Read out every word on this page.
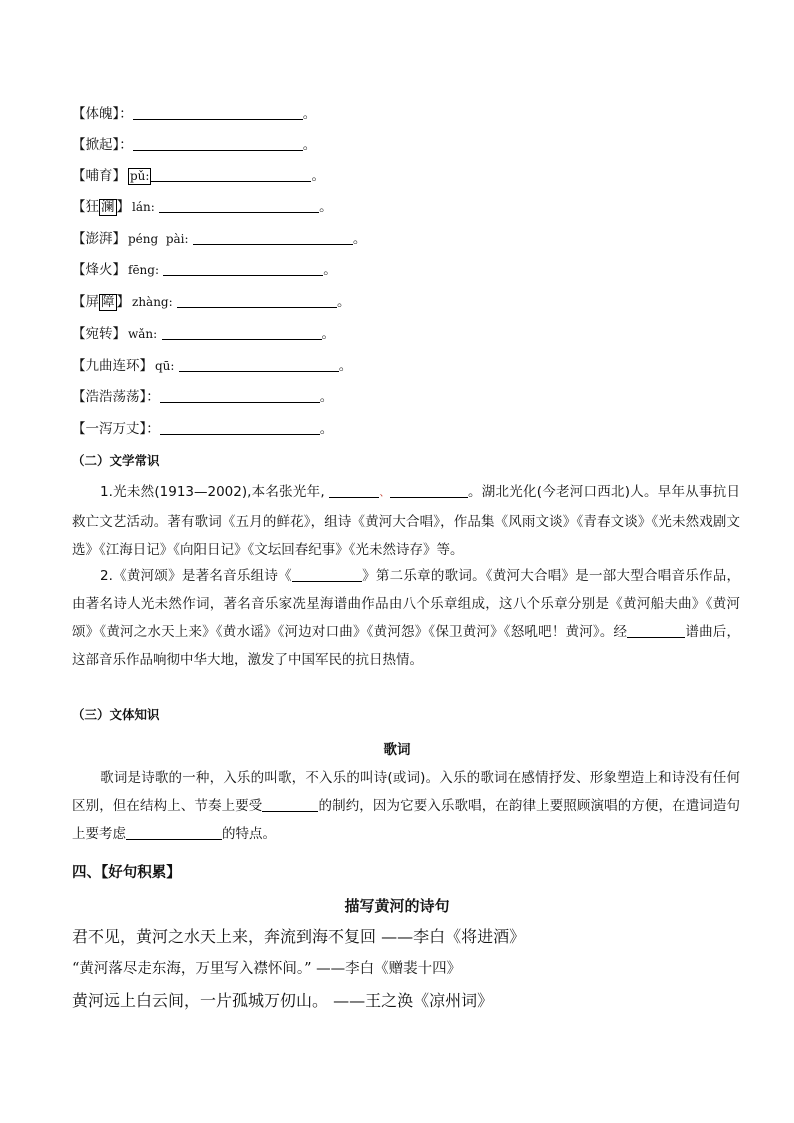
【体魄】：	。
【掀起】：	。
【哺育】 pǔ:	。
【狂 澜 】 lán:	。
【澎湃】 péng  pài:	。
【烽火】 fēng:	。
【屏 障 】 zhàng:	。
【宛转】 wǎn:	。
【九曲连环】 qū:	。
【浩浩荡荡】：	。
【一泻万丈】：	。
（二）文学常识
1.光未然(1913—2002),本名张光年,	、	。湖北光化(今老河口西北)人。早年从事抗日救亡文艺活动。著有歌词《五月的鲜花》，组诗《黄河大合唱》，作品集《风雨文谈》《青春文谈》《光未然戏剧文选》《江海日记》《向阳日记》《文坛回春纪事》《光未然诗存》等。
2.《黄河颂》是著名音乐组诗《	》第二乐章的歌词。《黄河大合唱》是一部大型合唱音乐作品，由著名诗人光未然作词，著名音乐家冼星海谱曲作品由八个乐章组成，这八个乐章分别是《黄河船夫曲》《黄河颂》《黄河之水天上来》《黄水谣》《河边对口曲》《黄河怨》《保卫黄河》《怒吼吧！黄河》。经	谱曲后，这部音乐作品响彻中华大地，激发了中国军民的抗日热情。
（三）文体知识
歌词
歌词是诗歌的一种，入乐的叫歌，不入乐的叫诗(或词)。入乐的歌词在感情抒发、形象塑造上和诗没有任何区别，但在结构上、节奏上要受	的制约，因为它要入乐歌唱，在韵律上要照顾演唱的方便，在遣词造句上要考虑	的特点。
四、【好句积累】
描写黄河的诗句
君不见，黄河之水天上来，奔流到海不复回 ——李白《将进酒》
“黄河落尽走东海，万里写入襟怀间。” ——李白《赠裴十四》
黄河远上白云间，一片孤城万仞山。 ——王之涣《凉州词》
